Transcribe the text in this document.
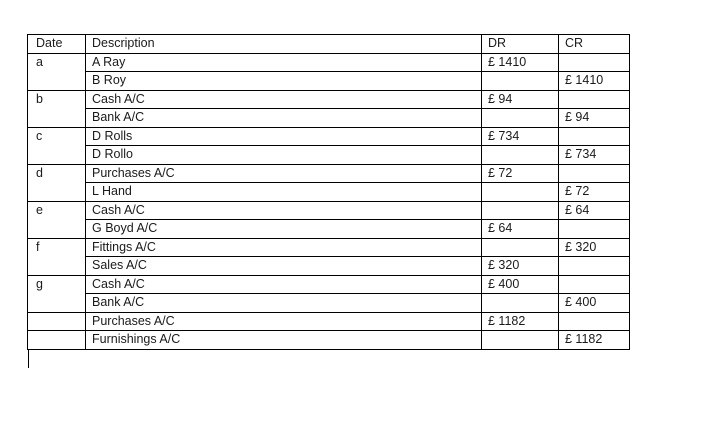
Date	Description	DR	CR
a	A Ray	£ 1410	
	B Roy		£ 1410
b	Cash A/C	£ 94	
	Bank A/C		£ 94
c	D Rolls	£ 734	
	D Rollo		£ 734
d	Purchases A/C	£ 72	
	L Hand		£ 72
e	Cash A/C		£ 64
	G Boyd A/C	£ 64	
f	Fittings A/C		£ 320
	Sales A/C	£ 320	
g	Cash A/C	£ 400	
	Bank A/C		£ 400
	Purchases A/C	£ 1182	
	Furnishings A/C		£ 1182
